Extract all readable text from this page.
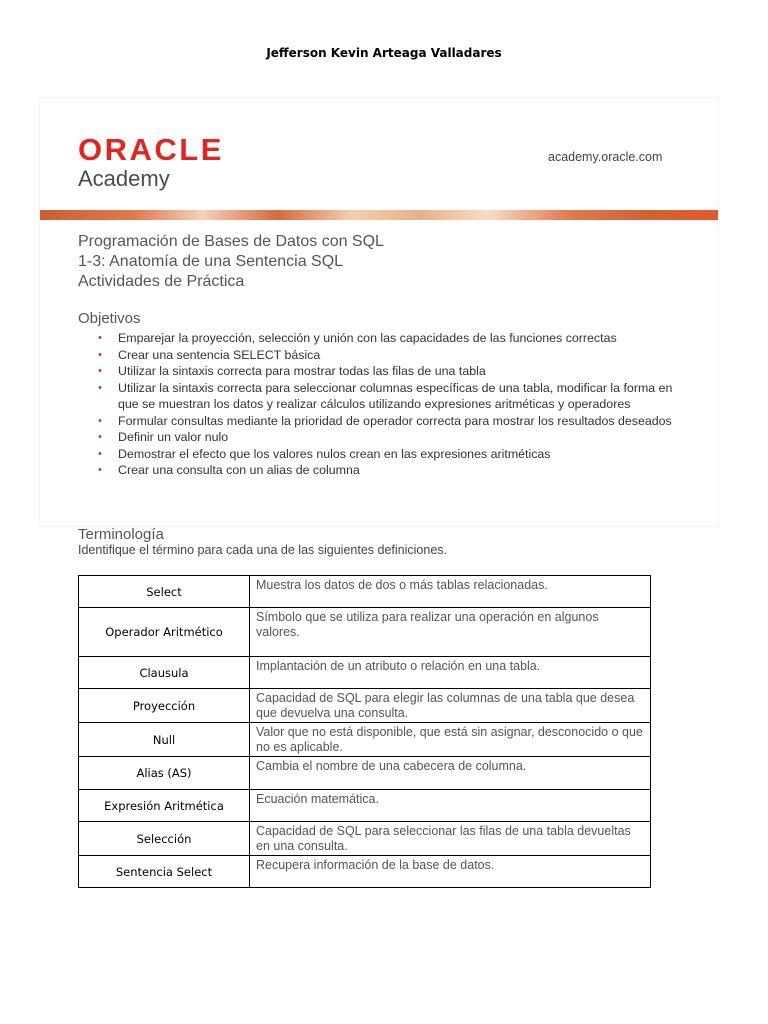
Jefferson Kevin Arteaga Valladares
ORACLE
Academy
academy.oracle.com
Programación de Bases de Datos con SQL
1-3: Anatomía de una Sentencia SQL
Actividades de Práctica
Objetivos
• Emparejar la proyección, selección y unión con las capacidades de las funciones correctas
• Crear una sentencia SELECT básica
• Utilizar la sintaxis correcta para mostrar todas las filas de una tabla
• Utilizar la sintaxis correcta para seleccionar columnas específicas de una tabla, modificar la forma en que se muestran los datos y realizar cálculos utilizando expresiones aritméticas y operadores
• Formular consultas mediante la prioridad de operador correcta para mostrar los resultados deseados
• Definir un valor nulo
• Demostrar el efecto que los valores nulos crean en las expresiones aritméticas
• Crear una consulta con un alias de columna
Terminología
Identifique el término para cada una de las siguientes definiciones.
Select	Muestra los datos de dos o más tablas relacionadas.
Operador Aritmético	Símbolo que se utiliza para realizar una operación en algunos valores.
Clausula	Implantación de un atributo o relación en una tabla.
Proyección	Capacidad de SQL para elegir las columnas de una tabla que desea que devuelva una consulta.
Null	Valor que no está disponible, que está sin asignar, desconocido o que no es aplicable.
Alias (AS)	Cambia el nombre de una cabecera de columna.
Expresión Aritmética	Ecuación matemática.
Selección	Capacidad de SQL para seleccionar las filas de una tabla devueltas en una consulta.
Sentencia Select	Recupera información de la base de datos.
